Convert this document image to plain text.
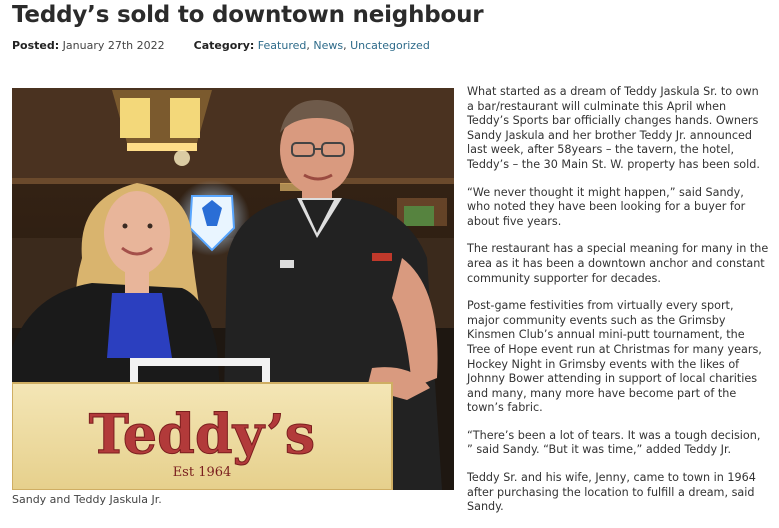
Teddy’s sold to downtown neighbour
Posted: January 27th 2022	Category: Featured, News, Uncategorized
Teddy’s
Est 1964
Sandy and Teddy Jaskula Jr.

What started as a dream of Teddy Jaskula Sr. to own a bar/restaurant will culminate this April when Teddy’s Sports bar officially changes hands. Owners Sandy Jaskula and her brother Teddy Jr. announced last week, after 58years – the tavern, the hotel, Teddy’s – the 30 Main St. W. property has been sold.

“We never thought it might happen,” said Sandy, who noted they have been looking for a buyer for about five years.

The restaurant has a special meaning for many in the area as it has been a downtown anchor and constant community supporter for decades.

Post-game festivities from virtually every sport, major community events such as the Grimsby Kinsmen Club’s annual mini-putt tournament, the Tree of Hope event run at Christmas for many years, Hockey Night in Grimsby events with the likes of Johnny Bower attending in support of local charities and many, many more have become part of the town’s fabric.

“There’s been a lot of tears. It was a tough decision, ” said Sandy. “But it was time,” added Teddy Jr.

Teddy Sr. and his wife, Jenny, came to town in 1964 after purchasing the location to fulfill a dream, said Sandy.
